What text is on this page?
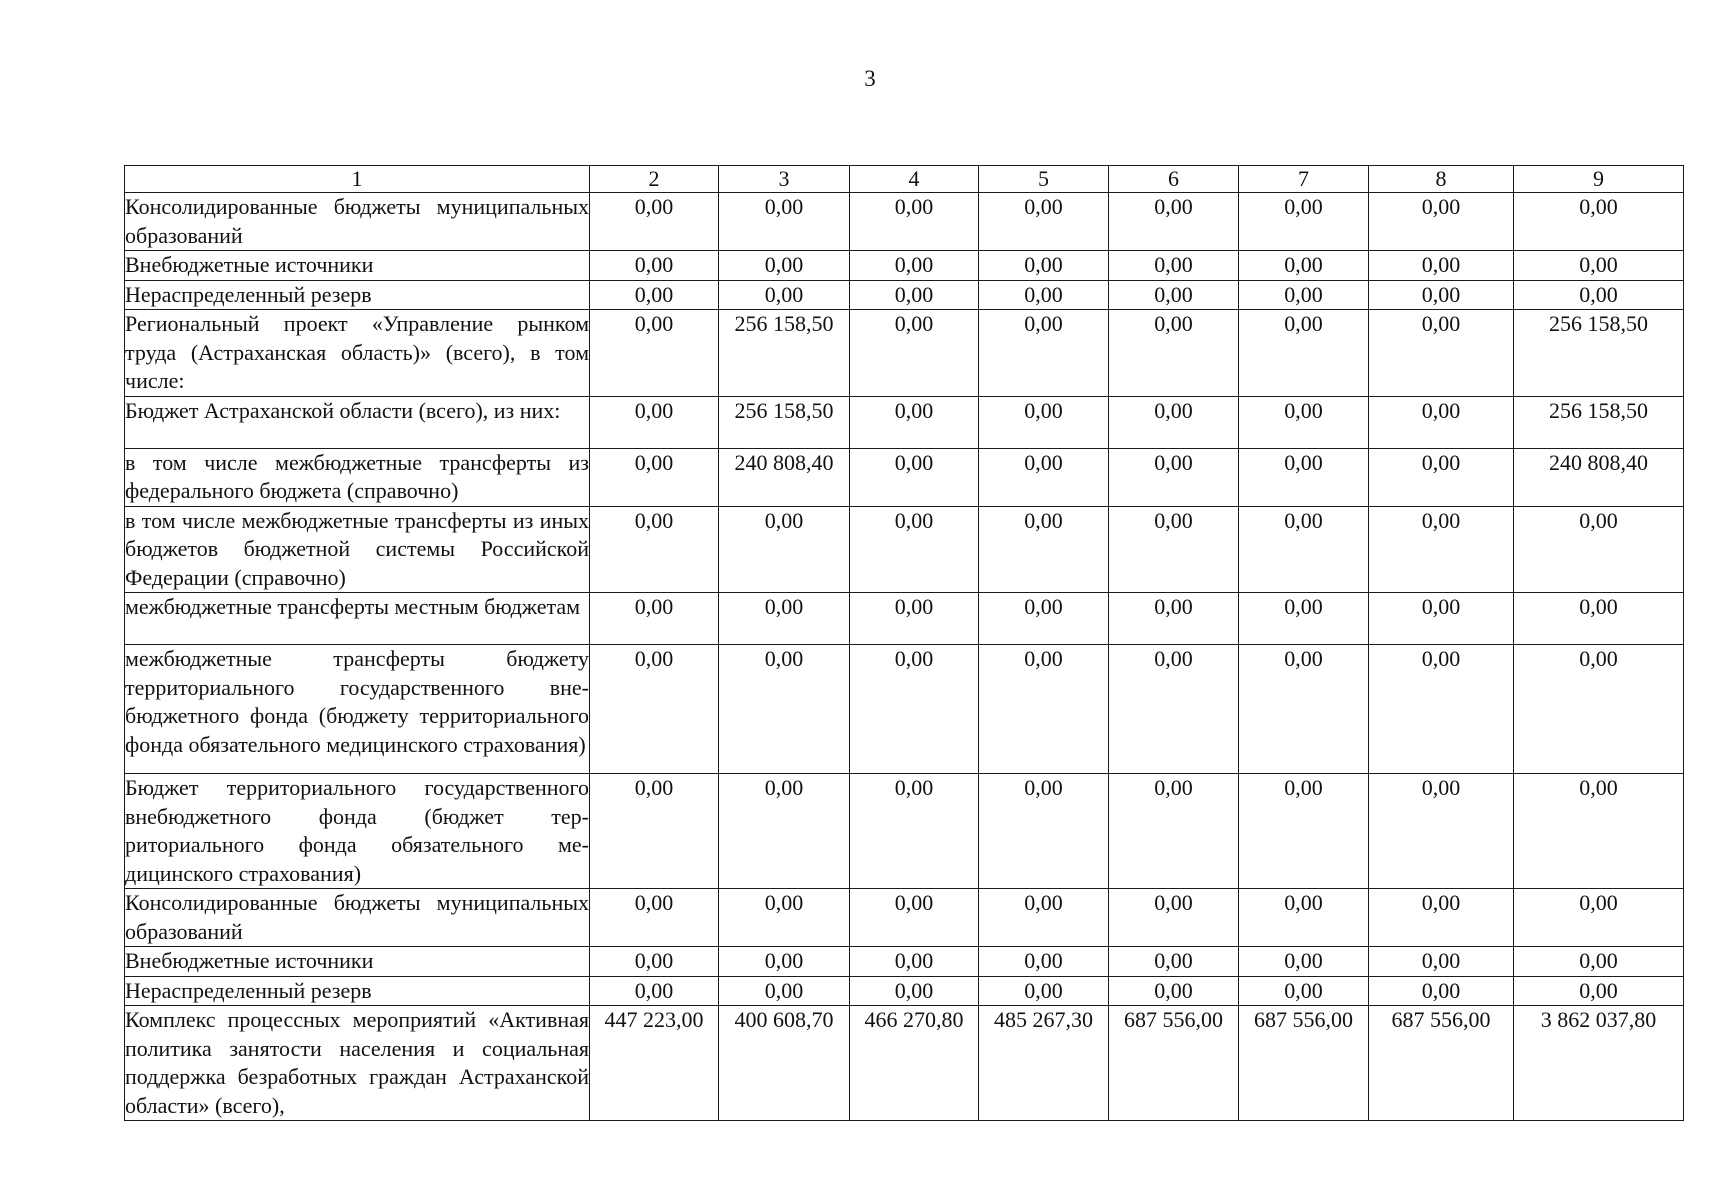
3
1	2	3	4	5	6	7	8	9
Консолидированные бюджеты муниципальных образований	0,00	0,00	0,00	0,00	0,00	0,00	0,00	0,00
Внебюджетные источники	0,00	0,00	0,00	0,00	0,00	0,00	0,00	0,00
Нераспределенный резерв	0,00	0,00	0,00	0,00	0,00	0,00	0,00	0,00
Региональный проект «Управление рынком труда (Астраханская область)» (всего), в том числе:	0,00	256 158,50	0,00	0,00	0,00	0,00	0,00	256 158,50
Бюджет Астраханской области (всего), из них:	0,00	256 158,50	0,00	0,00	0,00	0,00	0,00	256 158,50
в том числе межбюджетные трансферты из федерального бюджета (справочно)	0,00	240 808,40	0,00	0,00	0,00	0,00	0,00	240 808,40
в том числе межбюджетные трансферты из иных бюджетов бюджетной системы Российской Федерации (справочно)	0,00	0,00	0,00	0,00	0,00	0,00	0,00	0,00
межбюджетные трансферты местным бюджетам	0,00	0,00	0,00	0,00	0,00	0,00	0,00	0,00
межбюджетные трансферты бюджету территориального государственного внебюджетного фонда (бюджету территориального фонда обязательного медицинского страхования)	0,00	0,00	0,00	0,00	0,00	0,00	0,00	0,00
Бюджет территориального государственного внебюджетного фонда (бюджет территориального фонда обязательного медицинского страхования)	0,00	0,00	0,00	0,00	0,00	0,00	0,00	0,00
Консолидированные бюджеты муниципальных образований	0,00	0,00	0,00	0,00	0,00	0,00	0,00	0,00
Внебюджетные источники	0,00	0,00	0,00	0,00	0,00	0,00	0,00	0,00
Нераспределенный резерв	0,00	0,00	0,00	0,00	0,00	0,00	0,00	0,00
Комплекс процессных мероприятий «Активная политика занятости населения и социальная поддержка безработных граждан Астраханской области» (всего),	447 223,00	400 608,70	466 270,80	485 267,30	687 556,00	687 556,00	687 556,00	3 862 037,80
